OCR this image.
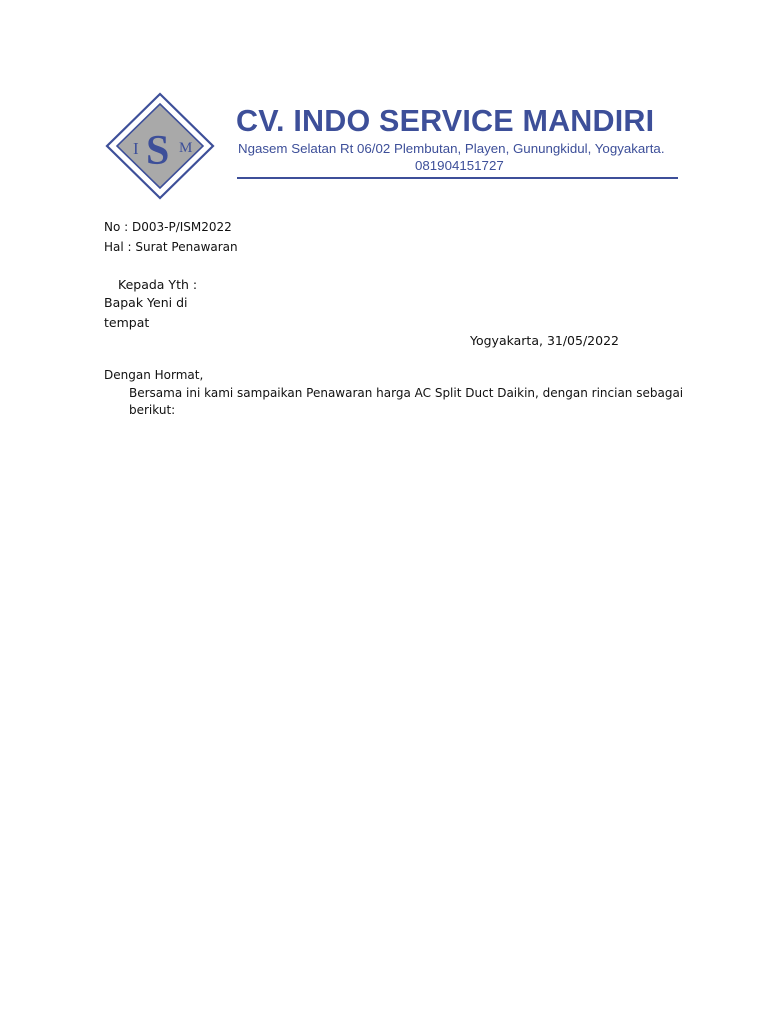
I S M
CV. INDO SERVICE MANDIRI
Ngasem Selatan Rt 06/02 Plembutan, Playen, Gunungkidul, Yogyakarta.
081904151727
No : D003-P/ISM2022
Hal : Surat Penawaran
Kepada Yth :
Bapak Yeni di
tempat
Yogyakarta, 31/05/2022
Dengan Hormat,
Bersama ini kami sampaikan Penawaran harga AC Split Duct Daikin, dengan rincian sebagai
berikut:
